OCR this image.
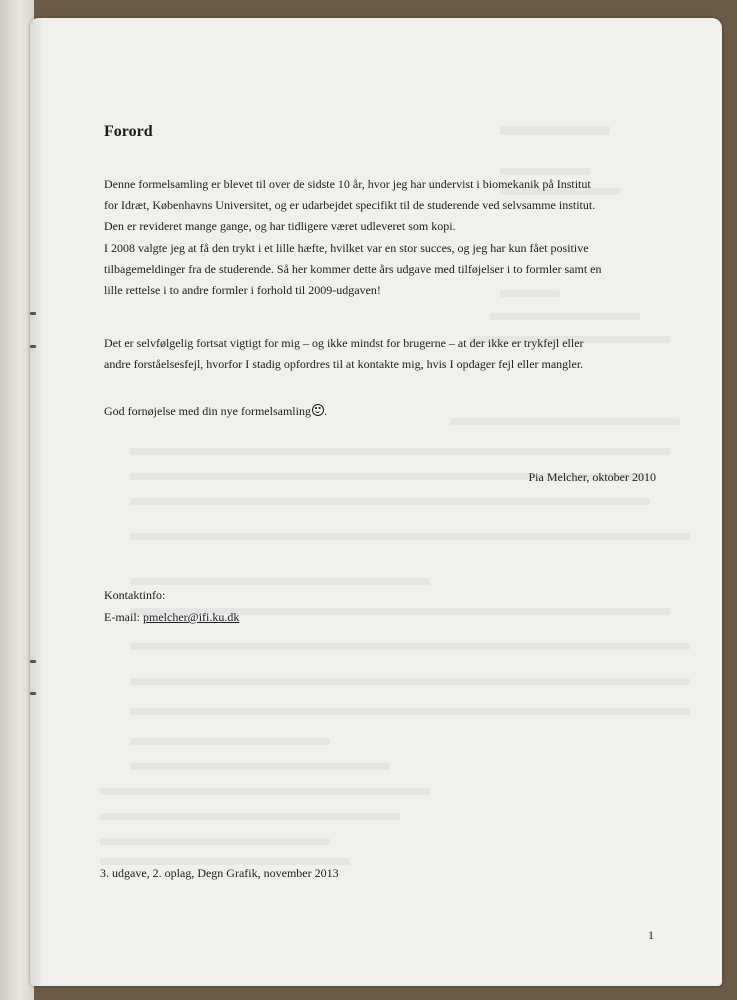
Forord

Denne formelsamling er blevet til over de sidste 10 år, hvor jeg har undervist i biomekanik på Institut
for Idræt, Københavns Universitet, og er udarbejdet specifikt til de studerende ved selvsamme institut.
Den er revideret mange gange, og har tidligere været udleveret som kopi.
I 2008 valgte jeg at få den trykt i et lille hæfte, hvilket var en stor succes, og jeg har kun fået positive
tilbagemeldinger fra de studerende. Så her kommer dette års udgave med tilføjelser i to formler samt en
lille rettelse i to andre formler i forhold til 2009-udgaven!

Det er selvfølgelig fortsat vigtigt for mig – og ikke mindst for brugerne – at der ikke er trykfejl eller
andre forståelsesfejl, hvorfor I stadig opfordres til at kontakte mig, hvis I opdager fejl eller mangler.

God fornøjelse med din nye formelsamling .
Pia Melcher, oktober 2010
Kontaktinfo:
E-mail: pmelcher@ifi.ku.dk
3. udgave, 2. oplag, Degn Grafik, november 2013
1
